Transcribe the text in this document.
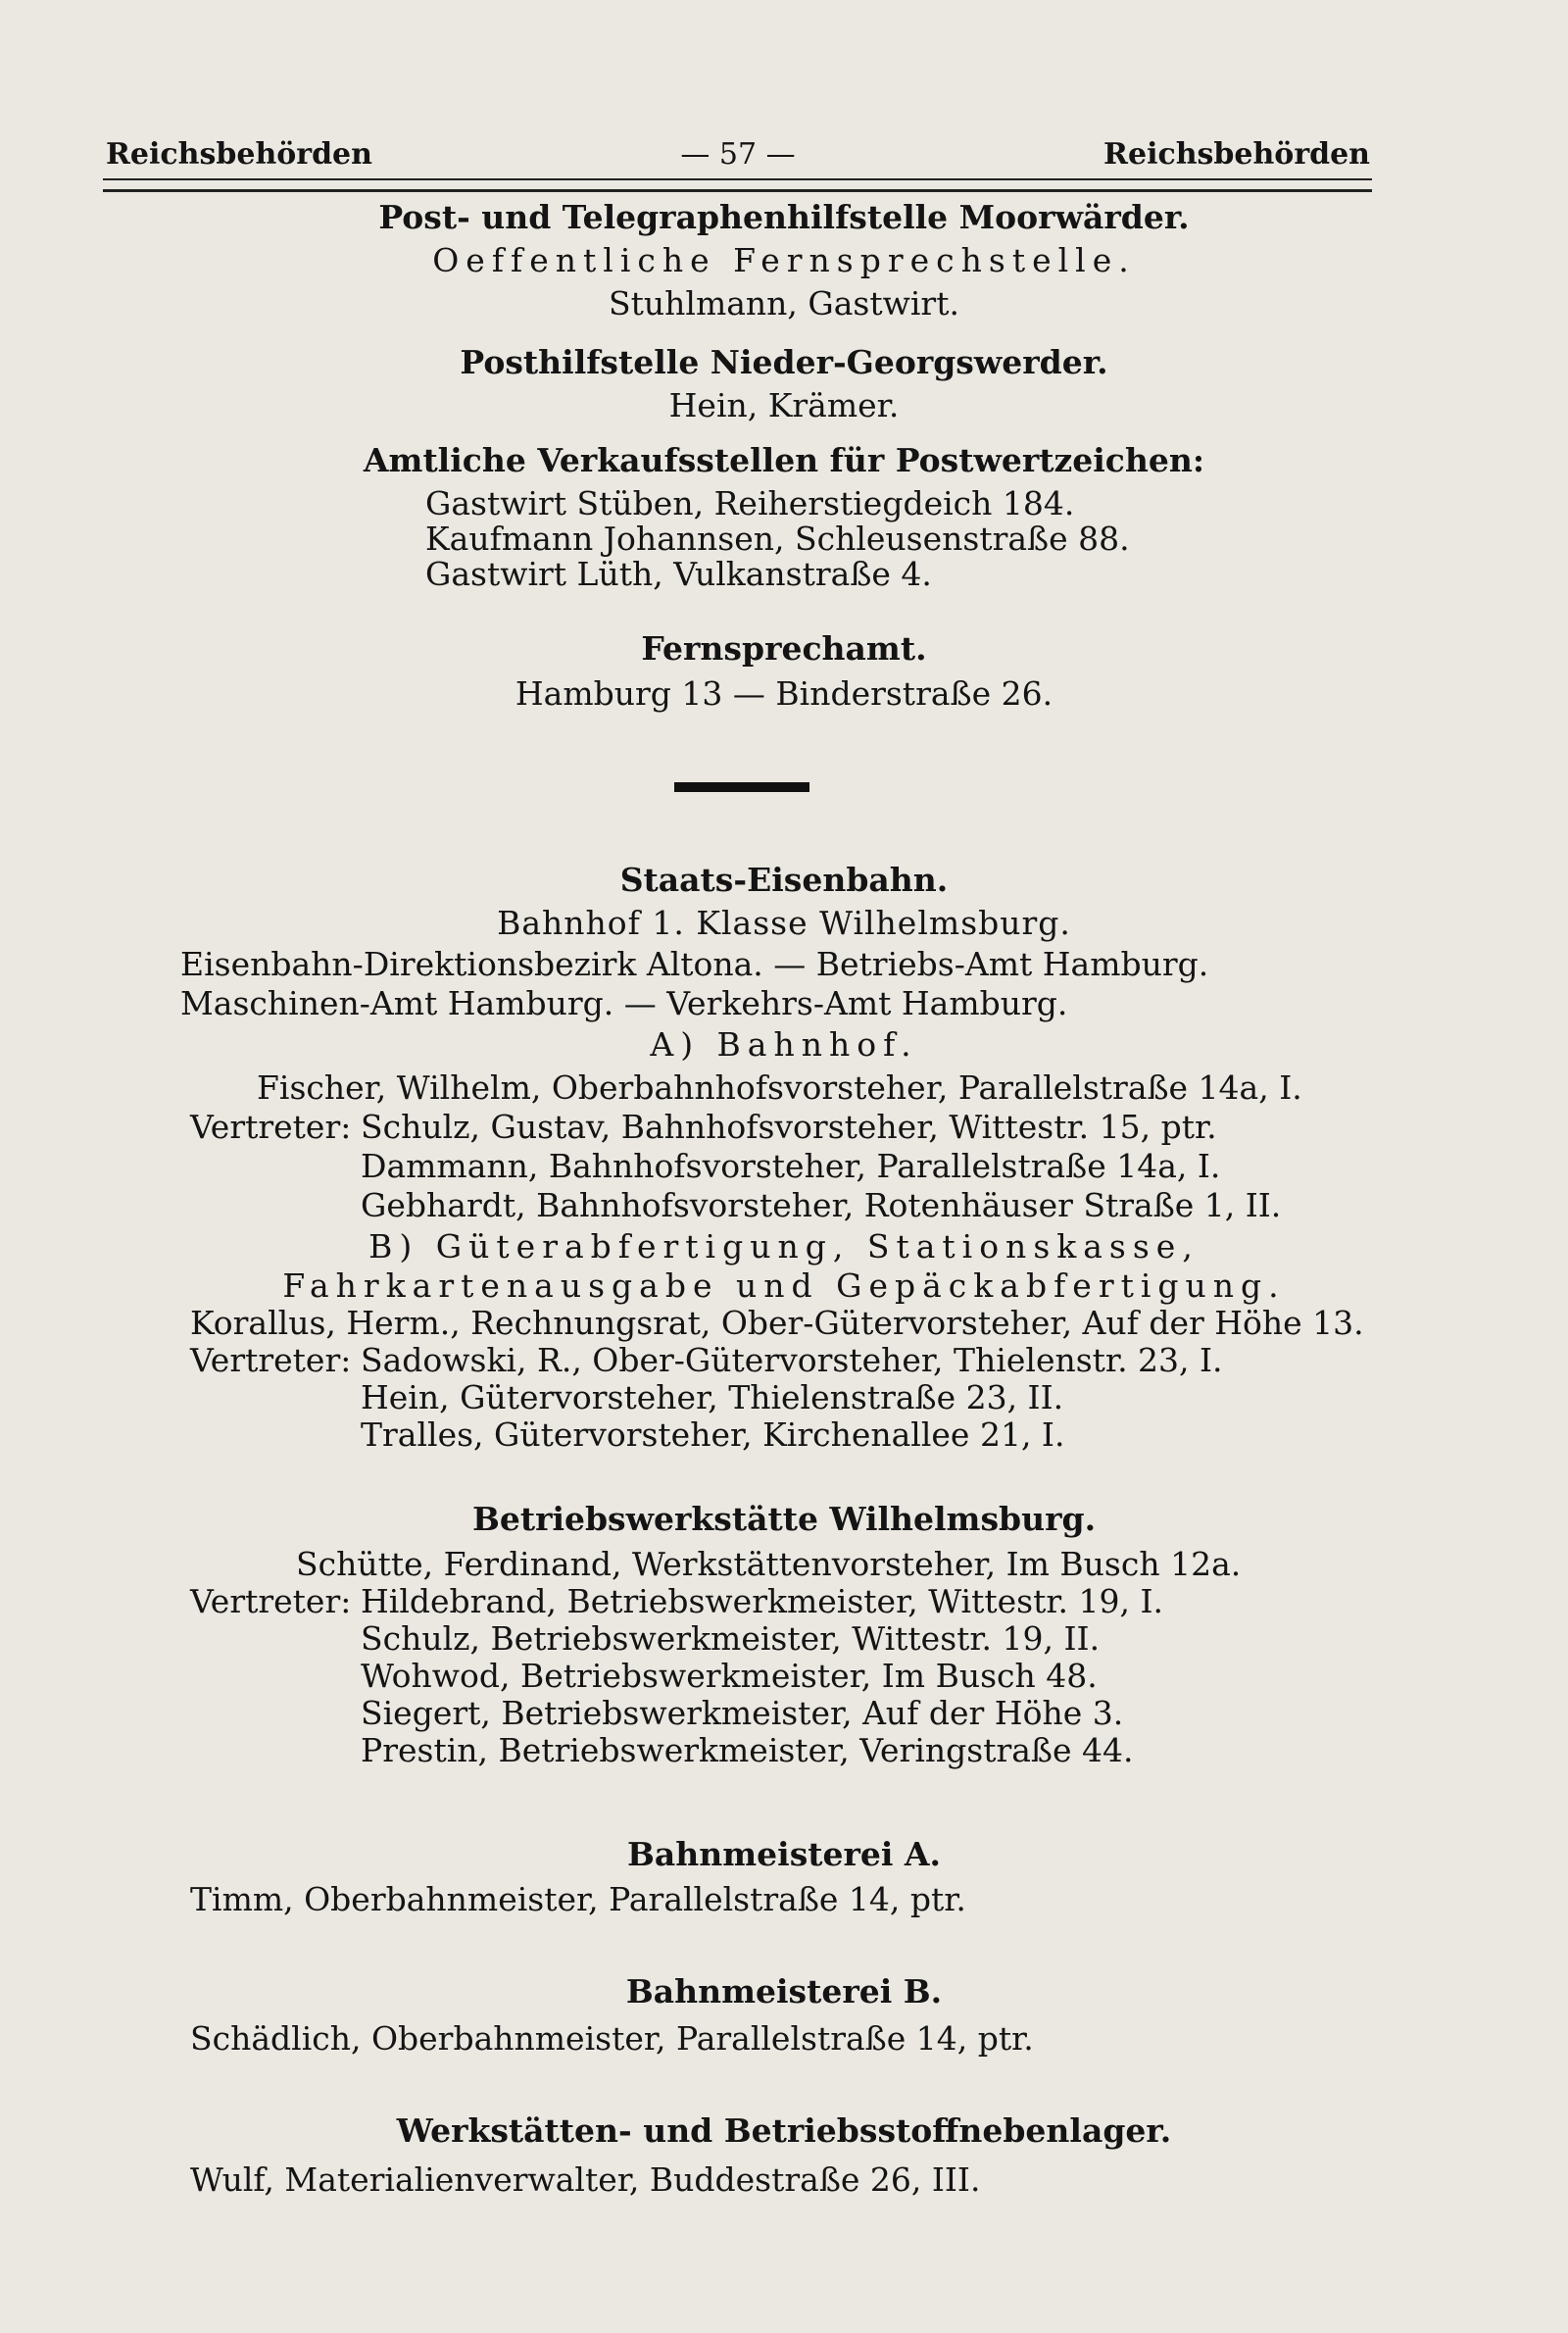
Reichsbehörden	— 57 —	Reichsbehörden
Post- und Telegraphenhilfstelle Moorwärder.
Oeffentliche Fernsprechstelle.
Stuhlmann, Gastwirt.
Posthilfstelle Nieder-Georgswerder.
Hein, Krämer.
Amtliche Verkaufsstellen für Postwertzeichen:
Gastwirt Stüben, Reiherstiegdeich 184.
Kaufmann Johannsen, Schleusenstraße 88.
Gastwirt Lüth, Vulkanstraße 4.
Fernsprechamt.
Hamburg 13 — Binderstraße 26.
Staats-Eisenbahn.
Bahnhof 1. Klasse Wilhelmsburg.
Eisenbahn-Direktionsbezirk Altona. — Betriebs-Amt Hamburg.
Maschinen-Amt Hamburg. — Verkehrs-Amt Hamburg.
A) Bahnhof.
Fischer, Wilhelm, Oberbahnhofsvorsteher, Parallelstraße 14a, I.
Vertreter: Schulz, Gustav, Bahnhofsvorsteher, Wittestr. 15, ptr.
Dammann, Bahnhofsvorsteher, Parallelstraße 14a, I.
Gebhardt, Bahnhofsvorsteher, Rotenhäuser Straße 1, II.
B) Güterabfertigung, Stationskasse,
Fahrkartenausgabe und Gepäckabfertigung.
Korallus, Herm., Rechnungsrat, Ober-Gütervorsteher, Auf der Höhe 13.
Vertreter: Sadowski, R., Ober-Gütervorsteher, Thielenstr. 23, I.
Hein, Gütervorsteher, Thielenstraße 23, II.
Tralles, Gütervorsteher, Kirchenallee 21, I.
Betriebswerkstätte Wilhelmsburg.
Schütte, Ferdinand, Werkstättenvorsteher, Im Busch 12a.
Vertreter: Hildebrand, Betriebswerkmeister, Wittestr. 19, I.
Schulz, Betriebswerkmeister, Wittestr. 19, II.
Wohwod, Betriebswerkmeister, Im Busch 48.
Siegert, Betriebswerkmeister, Auf der Höhe 3.
Prestin, Betriebswerkmeister, Veringstraße 44.
Bahnmeisterei A.
Timm, Oberbahnmeister, Parallelstraße 14, ptr.
Bahnmeisterei B.
Schädlich, Oberbahnmeister, Parallelstraße 14, ptr.
Werkstätten- und Betriebsstoffnebenlager.
Wulf, Materialienverwalter, Buddestraße 26, III.
